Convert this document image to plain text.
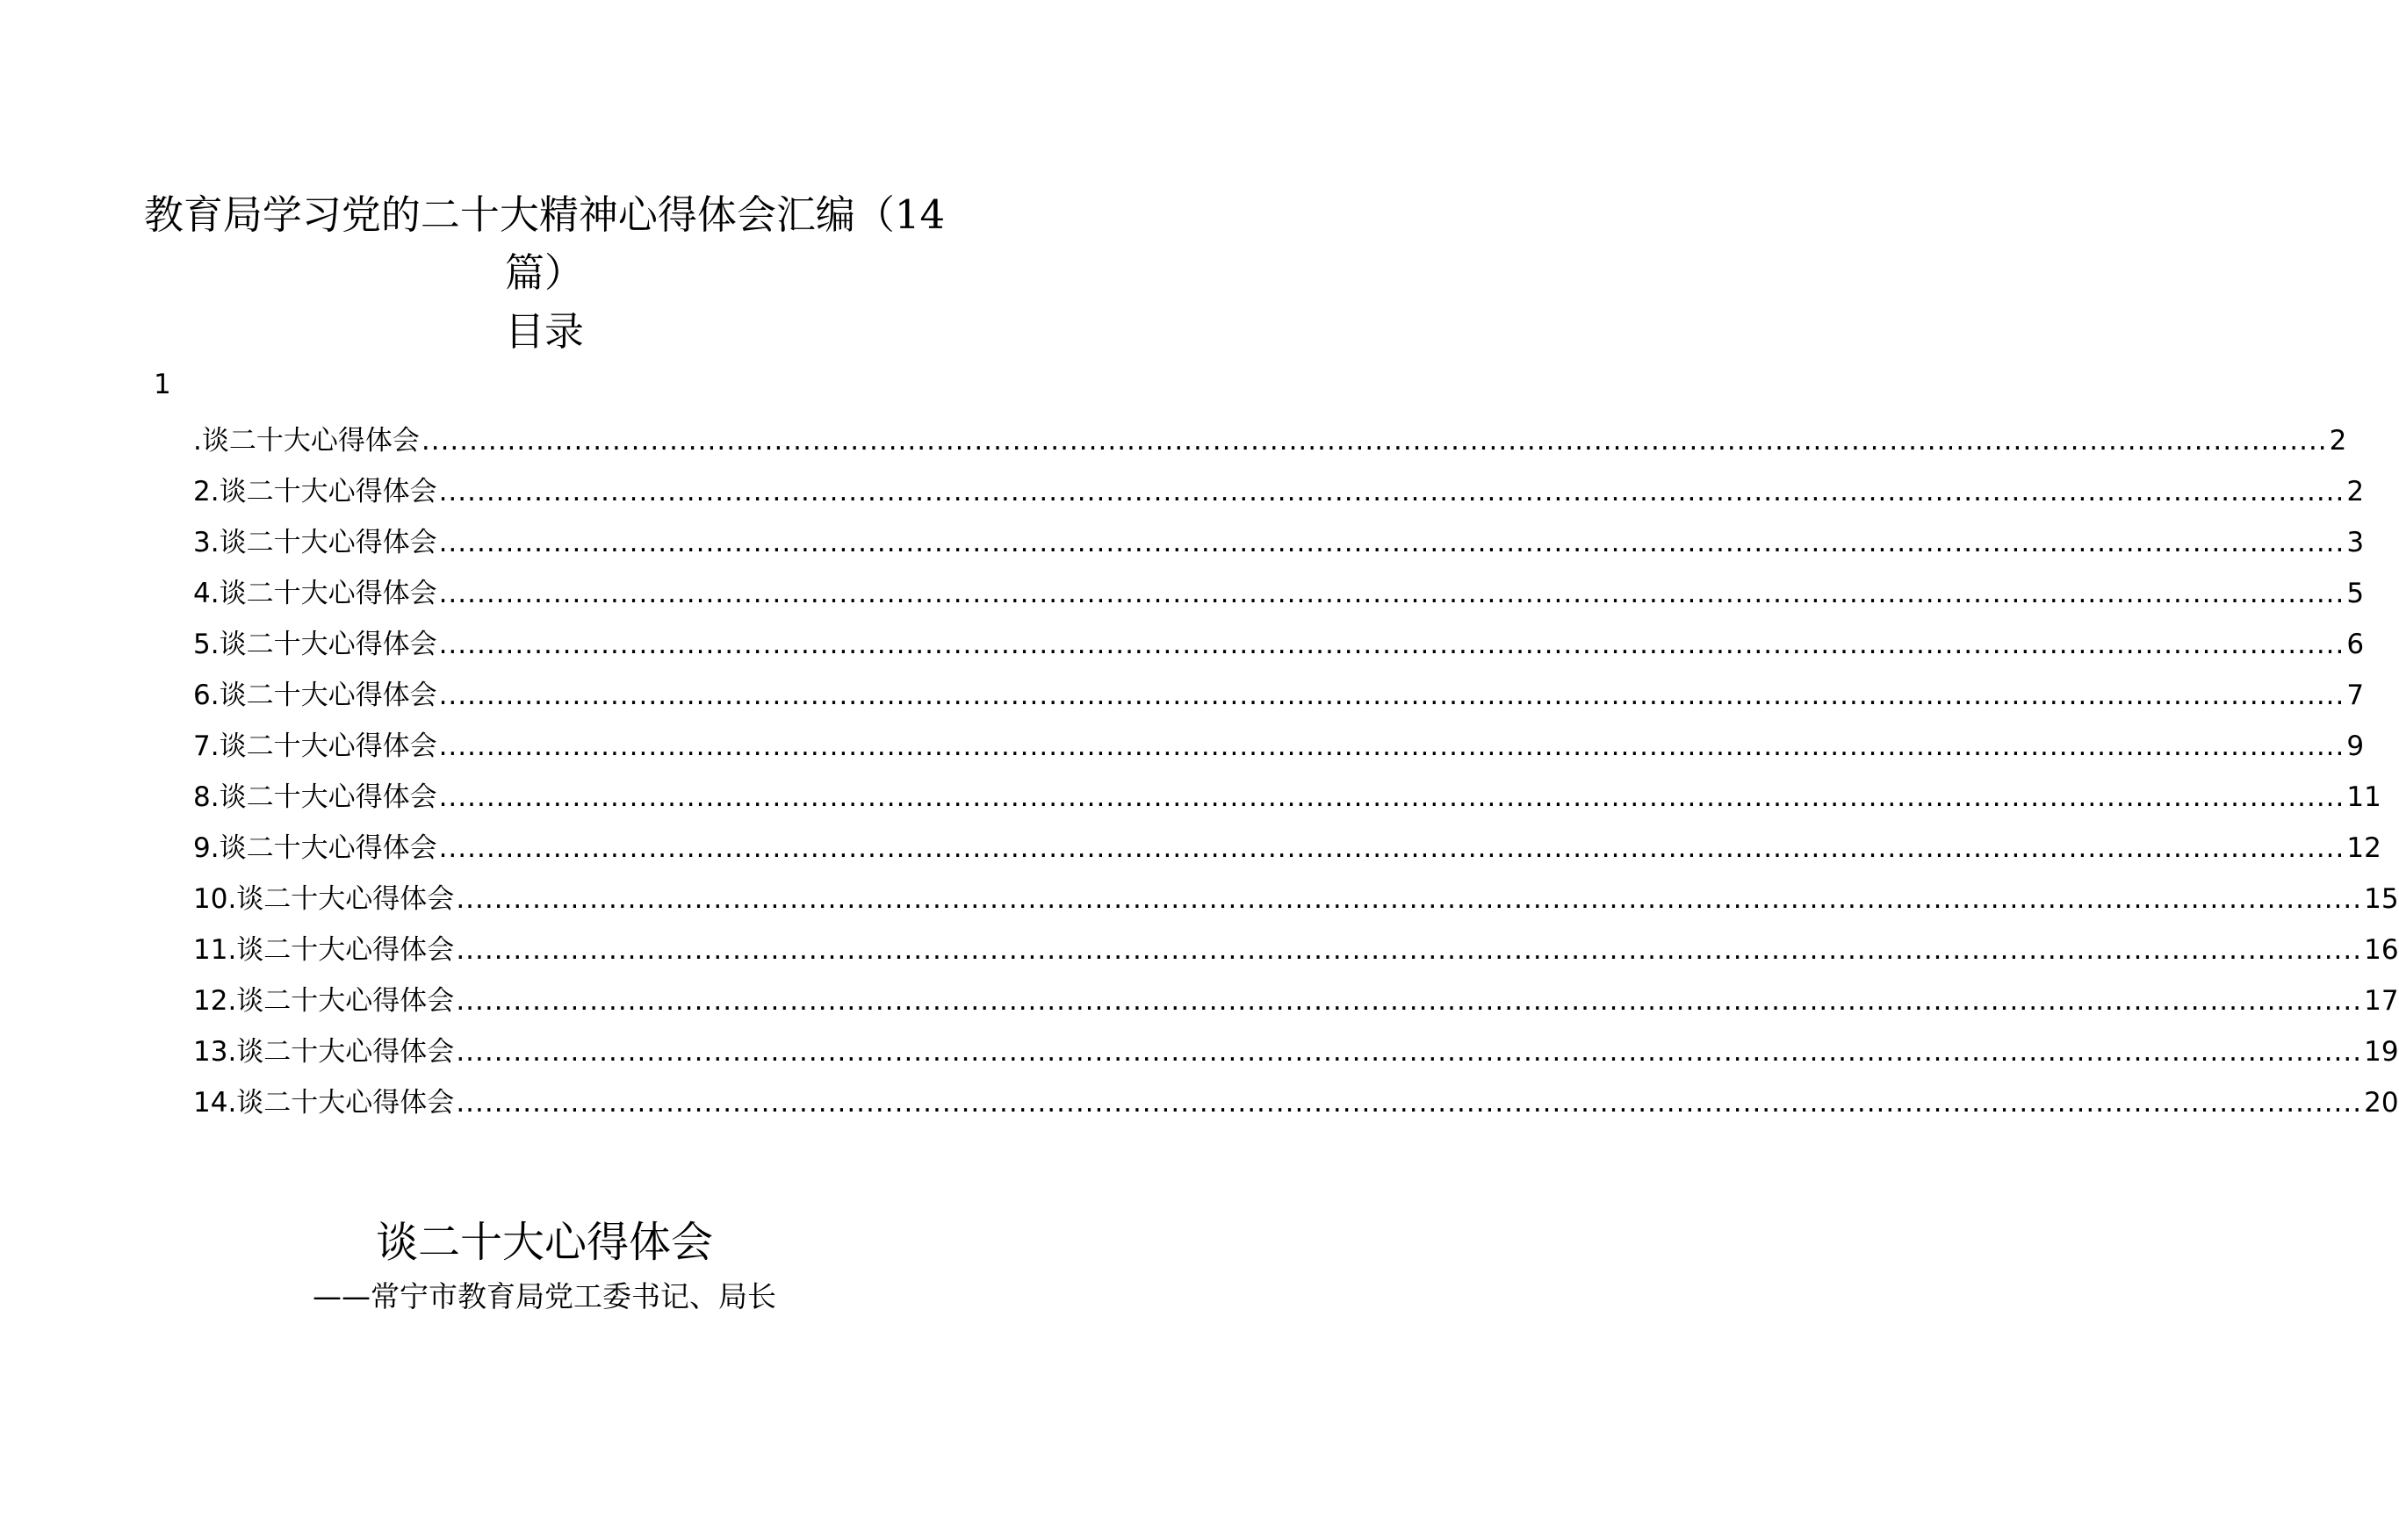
教育局学习党的二十大精神心得体会汇编（14
篇）
目录
1
.谈二十大心得体会 ........................................................................................................................................................................................................ 2
2.谈二十大心得体会 ........................................................................................................................................................................................................ 2
3.谈二十大心得体会 ........................................................................................................................................................................................................ 3
4.谈二十大心得体会 ........................................................................................................................................................................................................ 5
5.谈二十大心得体会 ........................................................................................................................................................................................................ 6
6.谈二十大心得体会 ........................................................................................................................................................................................................ 7
7.谈二十大心得体会 ........................................................................................................................................................................................................ 9
8.谈二十大心得体会 ........................................................................................................................................................................................................ 11
9.谈二十大心得体会 ........................................................................................................................................................................................................ 12
10.谈二十大心得体会 ........................................................................................................................................................................................................ 15
11.谈二十大心得体会 ........................................................................................................................................................................................................ 16
12.谈二十大心得体会 ........................................................................................................................................................................................................ 17
13.谈二十大心得体会 ........................................................................................................................................................................................................ 19
14.谈二十大心得体会 ........................................................................................................................................................................................................ 20
谈二十大心得体会
——常宁市教育局党工委书记、局长
